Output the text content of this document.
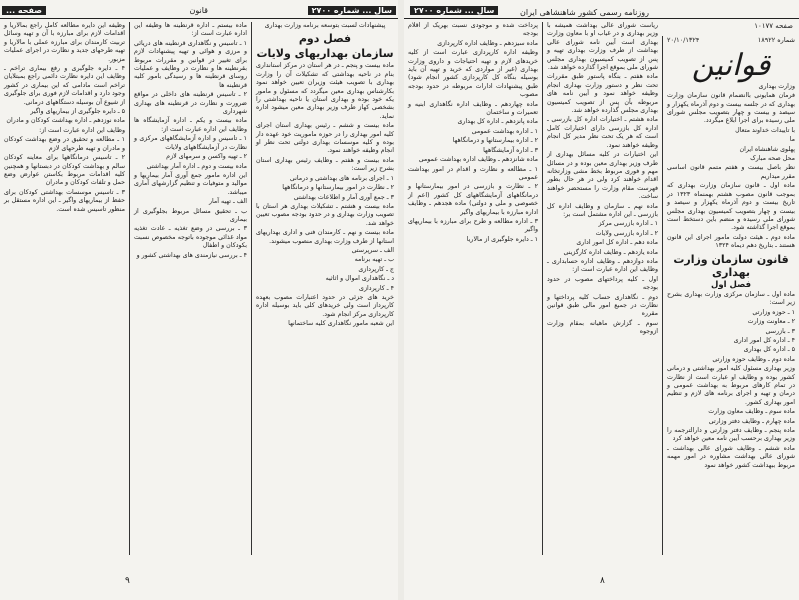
سال ... شماره ۲۷۰۰
قانون
صفحه ...

پیشنهادات لسبت بتوسعه برنامه وزارت بهداری

فصل دوم
سازمان بهداریهای ولایات

ماده بیست و پنجم ـ در هر استان در مرکز استانداری بنام در ناحیه بهداشتی که تشکیلات آن را وزارت بهداری با تصویب هیئت وزیران تعیین خواهد نمود بکارشناس بهداری معین میگردد که مسئول و مامور یکه خود بوده و بهداری استان یا ناحیه بهداشتی را بشخصی کهاز طرف وزیر بهداری معین میشود اداره نماید.

ماده بیست و ششم ـ رئیس بهداری استان اجرای کلیه امور بهداری را در حوزه ماموریت خود عهده دار بوده و کلیه موسسات بهداری دولتی تحت نظر او انجام وظیفه خواهند نمود.

ماده بیست و هفتم ـ وظایف رئیس بهداری استان بشرح زیر است:

۱ ـ اجرای برنامه های بهداشتی و درمانی

۲ ـ نظارت در امور بیمارستانها و درمانگاهها

۳ ـ جمع آوری آمار و اطلاعات بهداشتی

ماده بیست و هشتم ـ تشکیلات بهداری هر استان با تصویب وزارت بهداری و در حدود بودجه مصوب تعیین خواهد شد.

ماده بیست و نهم ـ کارمندان فنی و اداری بهداریهای استانها از طرف وزارت بهداری منصوب میشوند.

الف ـ سرپرستی

ب ـ تهیه برنامه

ج ـ کارپردازی

د ـ نگاهداری اموال و اثاثیه

۴ ـ کارپردازی

خرید های جزئی در حدود اعتبارات مصوب بعهده کارپرداز است ولی خریدهای کلی باید بوسیله اداره کارپردازی مرکز انجام شود.

این شعبه مامور نگاهداری کلیه ساختمانها

ماده بیستم ـ اداره قرنطینه ها وظیفه این اداره عبارت است از:

۱ ـ تاسیس و نگاهداری قرنطینه های دریائی و مرزی و هوائی و تهیه پیشنهادات لازم برای تغییر در قوانین و مقررات مربوط بقرنطینه ها و نظارت در وظایف و عملیات روسای قرنطینه ها و رسیدگی بامور کلیه قرنطینه ها

۲ ـ تاسیس قرنطینه های داخلی در مواقع ضرورت و نظارت در قرنطینه های بهداری شهرداری

ماده بیست و یکم ـ اداره آزمایشگاه ها وظایف این اداره عبارت است از:

۱ ـ تاسیس و اداره آزمایشگاههای مرکزی و نظارت در آزمایشگاههای ولایات

۲ ـ تهیه واکسن و سرمهای لازم

ماده بیست و دوم ـ اداره آمار بهداشتی

این اداره مامور جمع آوری آمار بیماریها و موالید و متوفیات و تنظیم گزارشهای آماری میباشد.

الف ـ تهیه آمار

ب ـ تحقیق مسائل مربوط بجلوگیری از بیماری

۳ ـ بررسی در وضع تغذیه ـ عادت تغذیه مواد غذائی موجوده باتوجه مخصوص نسبت بکودکان و اطفال

۴ ـ بررسی نیازمندی های بهداشتی کشور و

وظیفه این دایره مطالعه کامل راجع بمالاریا و اقدامات لازم برای مبارزه با آن و تهیه وسائل تربیت کارمندان برای مبارزه عملی با مالاریا و تهیه طرحهای جدید و نظارت در اجرای عملیات مزبور.

۴ ـ دایره جلوگیری و رفع بیماری تراخم ـ وظایف این دایره نظارت دائمی راجع بمبتلایان تراخم است مادامی که این بیماری در کشور وجود دارد و اقدامات لازم فوری برای جلوگیری از شیوع آن بوسیله دستگاههای درمانی.

۵ ـ دایره جلوگیری از بیماریهای واگیر

ماده نوزدهم ـ اداره بهداشت کودکان و مادران

وظایف این اداره عبارت است از:

۱ ـ مطالعه و تحقیق در وضع بهداشت کودکان و مادران و تهیه طرحهای لازم

۲ ـ تاسیس درمانگاهها برای معاینه کودکان سالم و بهداشت کودکان در دبستانها و همچنین کلیه اقدامات مربوط بکاستن عوارض وضع حمل و تلفات کودکان و مادران

۳ ـ تاسیس موسسات بهداشتی کودکان برای حفظ از بیماریهای واگیر ـ این اداره مستقل بر منظور تاسیس شده است.

۹
سال ... شماره ۲۷۰۰	روزنامه رسمی کشور شاهنشاهی ایران
صفحه ۱۰۱۷۷
شماره ۱۸۹۲۲
۲۰/۱۰/۱۳۲۴
قوانین

وزارت بهداری

فرمان همایونی باانضمام قانون سازمان وزارت بهداری که در جلسه بیست و دوم آذرماه یکهزار و سیصد و بیست و چهار بتصویب مجلس شورای ملی رسیده برای اجرا ابلاغ میگردد.

با تاییدات خداوند متعال

ما

پهلوی شاهنشاه ایران

محل صحه مبارک

نظر باصل بیست و هفتم متمم قانون اساسی مقرر میداریم

ماده اول ـ قانون سازمان وزارت بهداری که بموجب قانون مصوب هشتم بهمنماه ۱۳۲۳ در تاریخ بیست و دوم آذرماه یکهزار و سیصد و بیست و چهار بتصویب کمیسیون بهداری مجلس شورای ملی رسیده و منضم باین دستخط است بموقع اجرا گذاشته شود.

ماده دوم ـ هیئت دولت مامور اجرای این قانون هستند ـ بتاریخ دهم دیماه ۱۳۲۴

قانون سازمان وزارت بهداری
فصل اول

ماده اول ـ سازمان مرکزی وزارت بهداری بشرح زیر است:

۱ ـ حوزه وزارتی

۲ ـ معاونت وزارت

۳ ـ بازرسی

۴ ـ اداره کل امور اداری

۵ ـ اداره کل بهداری

ماده دوم ـ وظایف حوزه وزارتی

وزیر بهداری مسئول کلیه امور بهداشتی و درمانی کشور بوده و وظایف او عبارت است از نظارت در تمام کارهای مربوط به بهداشت عمومی و درمان و تهیه و اجرای برنامه های لازم و تنظیم امور بهداری کشور.

ماده سوم ـ وظایف معاون وزارت

ماده چهارم ـ وظایف دفتر وزارتی

ماده پنجم ـ وظایف دفتر وزارتی و دارالترجمه را وزیر بهداری برحسب آیین نامه معین خواهد کرد

ماده ششم ـ وظایف شورای عالی بهداشت ـ شورای عالی بهداشت مشاوره در امور مهمه مربوط ببهداشت کشور خواهد نمود

ریاست شورای عالی بهداشت همیشه با وزیر بهداری و در غیاب او با معاون وزارت بهداری است آیین نامه شورای عالی بهداشت از طرف وزارت بهداری تهیه و پس از تصویب کمیسیون بهداری مجلس شورای ملی بموقع اجرا گذارده خواهد شد.

ماده هفتم ـ بنگاه پاستور طبق مقررات تحت نظر و دستور وزارت بهداری انجام وظیفه خواهد نمود و آیین نامه های مربوطه بآن پس از تصویب کمیسیون بهداری مجلس گذارده خواهد شد.

ماده هشتم ـ اختیارات اداره کل بازرسی ـ اداره کل بازرسی دارای اختیارات کامل است که هر یک تحت نظر مدیر کل انجام وظیفه خواهند نمود.

این اختیارات در کلیه مسائل بهداری از طرف وزیر بهداری معین بوده و در مسائل مهم و فوری مربوط بخط مشی وزارتخانه اقدام خواهند کرد ولی در هر حال بطور فهرست مقام وزارت را مستحضر خواهند ساخت.

ماده نهم ـ سازمان و وظایف اداره کل بازرسی ـ این اداره مشتمل است بر:

۱ ـ اداره بازرسی مرکز

۲ ـ اداره بازرسی ولایات

ماده دهم ـ اداره کل امور اداری

ماده یازدهم ـ وظایف اداره کارگزینی

ماده دوازدهم ـ وظایف اداره حسابداری ـ وظایف این اداره عبارت است از:

اول ـ کلیه پرداختهای مصوب در حدود بودجه

دوم ـ نگاهداری حساب کلیه پرداختها و نظارت در جمیع امور مالی طبق قوانین مقرره

سوم ـ گزارش ماهیانه بمقام وزارت ازوجوه

پرداخت شده و موجودی نسبت بهریک از اقلام بودجه

ماده سیزدهم ـ وظایف اداره کارپردازی

وظیفه اداره کارپردازی عبارت است از کلیه خریدهای لازم و تهیه احتیاجات و داروی وزارت بهداری (غیر از مواردی که خرید و تهیه آن باید بوسیله بنگاه کل کارپردازی کشور انجام شود) طبق پیشنهادات ادارات مربوطه در حدود بودجه مصوب

ماده چهاردهم ـ وظایف اداره نگاهداری ابنیه و تعمیرات و ساختمان

ماده پانزدهم ـ اداره کل بهداری

۱ ـ اداره بهداشت عمومی

۲ ـ اداره بیمارستانها و درمانگاهها

۳ ـ اداره آزمایشگاهها

ماده شانزدهم ـ وظایف اداره بهداشت عمومی

۱ ـ مطالعه و نظارت و اقدام در امور بهداشت عمومی

۲ ـ نظارت و بازرسی در امور بیمارستانها و درمانگاههای آزمایشگاههای کل کشور (اعم از خصوصی و ملی و دولتی) ماده هجدهم ـ وظایف اداره مبارزه با بیماریهای واگیر

۳ ـ اداره مطالعه و طرح برای مبارزه با بیماریهای واگیر

۱ ـ دایره جلوگیری از مالاریا

۸
